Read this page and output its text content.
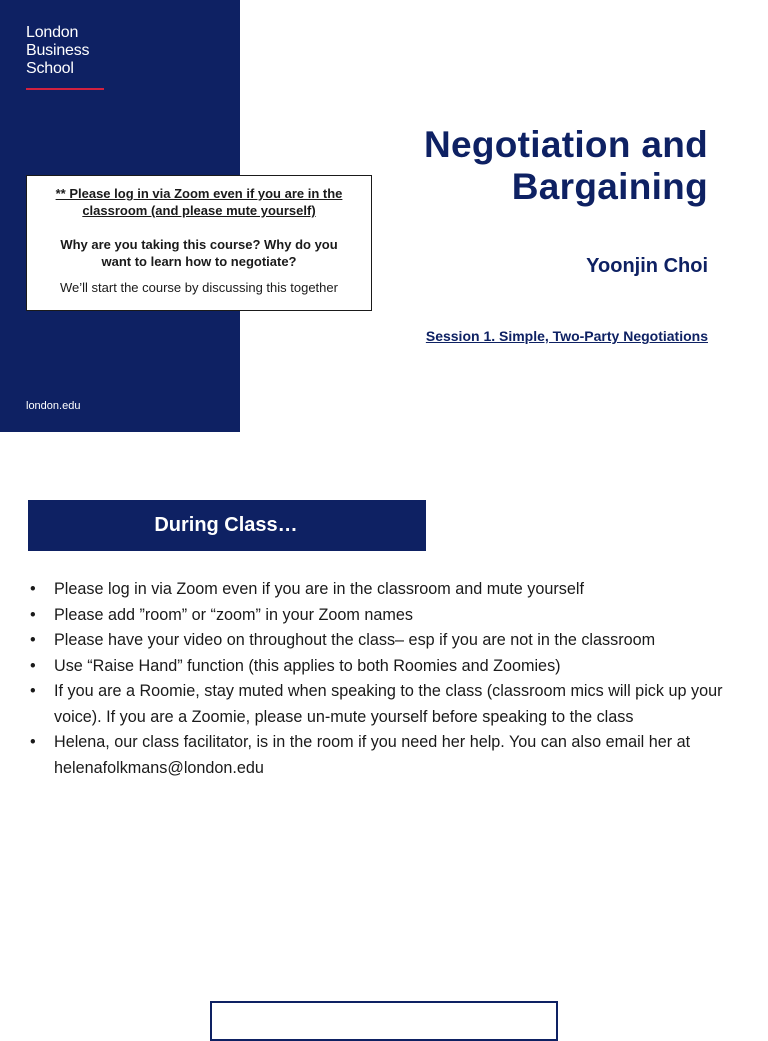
London
Business
School
london.edu
** Please log in via Zoom even if you are in the
classroom (and please mute yourself)
Why are you taking this course? Why do you
want to learn how to negotiate?
We’ll start the course by discussing this together
Negotiation and
Bargaining
Yoonjin Choi
Session 1. Simple, Two-Party Negotiations
During Class…
• Please log in via Zoom even if you are in the classroom and mute yourself
• Please add ”room” or “zoom” in your Zoom names
• Please have your video on throughout the class– esp if you are not in the classroom
• Use “Raise Hand” function (this applies to both Roomies and Zoomies)
• If you are a Roomie, stay muted when speaking to the class (classroom mics will pick up your voice). If you are a Zoomie, please un-mute yourself before speaking to the class
• Helena, our class facilitator, is in the room if you need her help. You can also email her at helenafolkmans@london.edu
